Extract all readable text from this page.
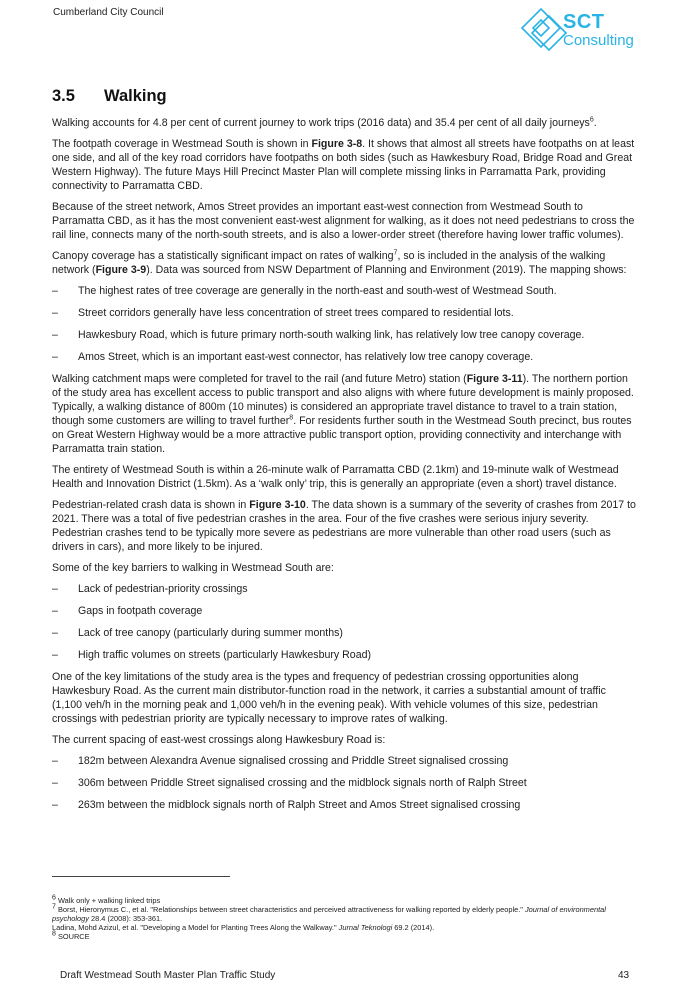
Cumberland City Council	SCT
Consulting
3.5	Walking

Walking accounts for 4.8 per cent of current journey to work trips (2016 data) and 35.4 per cent of all daily journeys$^6$.

The footpath coverage in Westmead South is shown in Figure 3-8. It shows that almost all streets have footpaths on at least one side, and all of the key road corridors have footpaths on both sides (such as Hawkesbury Road, Bridge Road and Great Western Highway). The future Mays Hill Precinct Master Plan will complete missing links in Parramatta Park, providing connectivity to Parramatta CBD.

Because of the street network, Amos Street provides an important east-west connection from Westmead South to Parramatta CBD, as it has the most convenient east-west alignment for walking, as it does not need pedestrians to cross the rail line, connects many of the north-south streets, and is also a lower-order street (therefore having lower traffic volumes).

Canopy coverage has a statistically significant impact on rates of walking$^7$, so is included in the analysis of the walking network (Figure 3-9). Data was sourced from NSW Department of Planning and Environment (2019). The mapping shows:

– The highest rates of tree coverage are generally in the north-east and south-west of Westmead South.
– Street corridors generally have less concentration of street trees compared to residential lots.
– Hawkesbury Road, which is future primary north-south walking link, has relatively low tree canopy coverage.
– Amos Street, which is an important east-west connector, has relatively low tree canopy coverage.

Walking catchment maps were completed for travel to the rail (and future Metro) station (Figure 3-11). The northern portion of the study area has excellent access to public transport and also aligns with where future development is mainly proposed. Typically, a walking distance of 800m (10 minutes) is considered an appropriate travel distance to travel to a train station, though some customers are willing to travel further$^8$. For residents further south in the Westmead South precinct, bus routes on Great Western Highway would be a more attractive public transport option, providing connectivity and interchange with Parramatta train station.

The entirety of Westmead South is within a 26-minute walk of Parramatta CBD (2.1km) and 19-minute walk of Westmead Health and Innovation District (1.5km). As a ‘walk only’ trip, this is generally an appropriate (even a short) travel distance.

Pedestrian-related crash data is shown in Figure 3-10. The data shown is a summary of the severity of crashes from 2017 to 2021. There was a total of five pedestrian crashes in the area. Four of the five crashes were serious injury severity. Pedestrian crashes tend to be typically more severe as pedestrians are more vulnerable than other road users (such as drivers in cars), and more likely to be injured.

Some of the key barriers to walking in Westmead South are:

– Lack of pedestrian-priority crossings
– Gaps in footpath coverage
– Lack of tree canopy (particularly during summer months)
– High traffic volumes on streets (particularly Hawkesbury Road)

One of the key limitations of the study area is the types and frequency of pedestrian crossing opportunities along Hawkesbury Road. As the current main distributor-function road in the network, it carries a substantial amount of traffic (1,100 veh/h in the morning peak and 1,000 veh/h in the evening peak). With vehicle volumes of this size, pedestrian crossings with pedestrian priority are typically necessary to improve rates of walking.

The current spacing of east-west crossings along Hawkesbury Road is:

– 182m between Alexandra Avenue signalised crossing and Priddle Street signalised crossing
– 306m between Priddle Street signalised crossing and the midblock signals north of Ralph Street
– 263m between the midblock signals north of Ralph Street and Amos Street signalised crossing
$^6$ Walk only + walking linked trips
$^7$ Borst, Hieronymus C., et al. "Relationships between street characteristics and perceived attractiveness for walking reported by elderly people." Journal of environmental psychology 28.4 (2008): 353-361.
Ladina, Mohd Azizul, et al. "Developing a Model for Planting Trees Along the Walkway." Jurnal Teknologi 69.2 (2014).
$^8$ SOURCE
Draft Westmead South Master Plan Traffic Study	43
